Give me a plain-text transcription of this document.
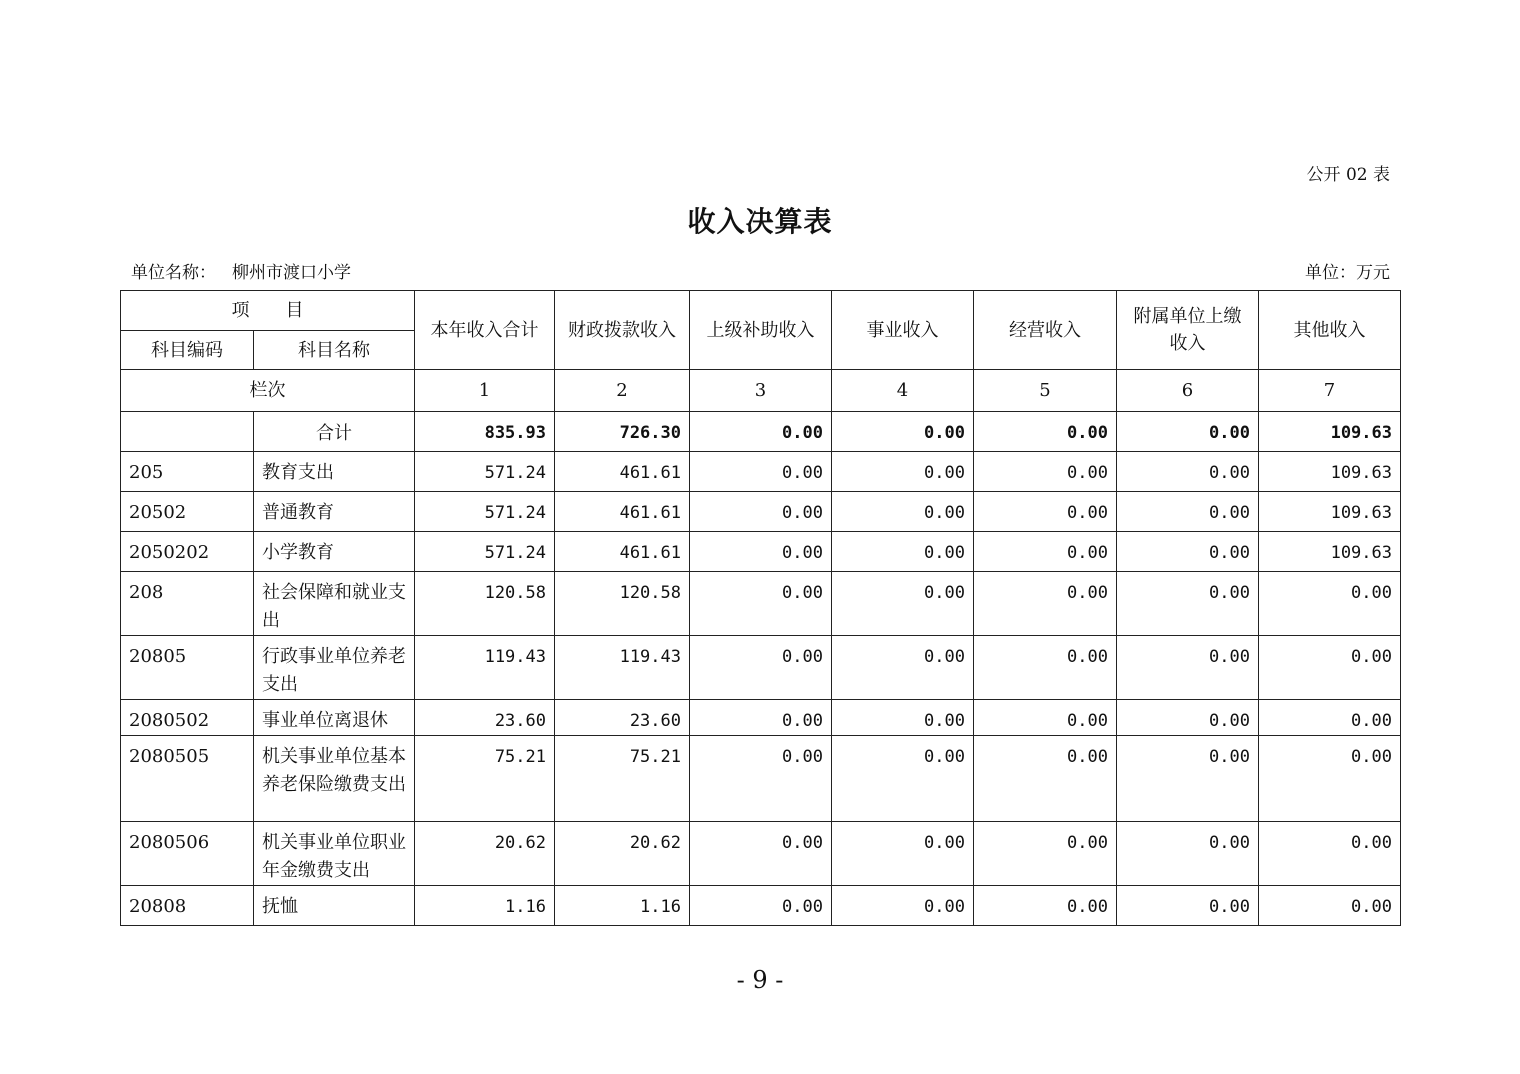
公开 02 表
收入决算表
单位名称： 柳州市渡口小学	单位：万元
项　　目		本年收入合计	财政拨款收入	上级补助收入	事业收入	经营收入	附属单位上缴收入	其他收入
科目编码	科目名称							
栏次		1	2	3	4	5	6	7
	合计	835.93	726.30	0.00	0.00	0.00	0.00	109.63
205	教育支出	571.24	461.61	0.00	0.00	0.00	0.00	109.63
20502	普通教育	571.24	461.61	0.00	0.00	0.00	0.00	109.63
2050202	小学教育	571.24	461.61	0.00	0.00	0.00	0.00	109.63
208	社会保障和就业支出	120.58	120.58	0.00	0.00	0.00	0.00	0.00
20805	行政事业单位养老支出	119.43	119.43	0.00	0.00	0.00	0.00	0.00
2080502	事业单位离退休	23.60	23.60	0.00	0.00	0.00	0.00	0.00
2080505	机关事业单位基本养老保险缴费支出	75.21	75.21	0.00	0.00	0.00	0.00	0.00
2080506	机关事业单位职业年金缴费支出	20.62	20.62	0.00	0.00	0.00	0.00	0.00
20808	抚恤	1.16	1.16	0.00	0.00	0.00	0.00	0.00
- 9 -
